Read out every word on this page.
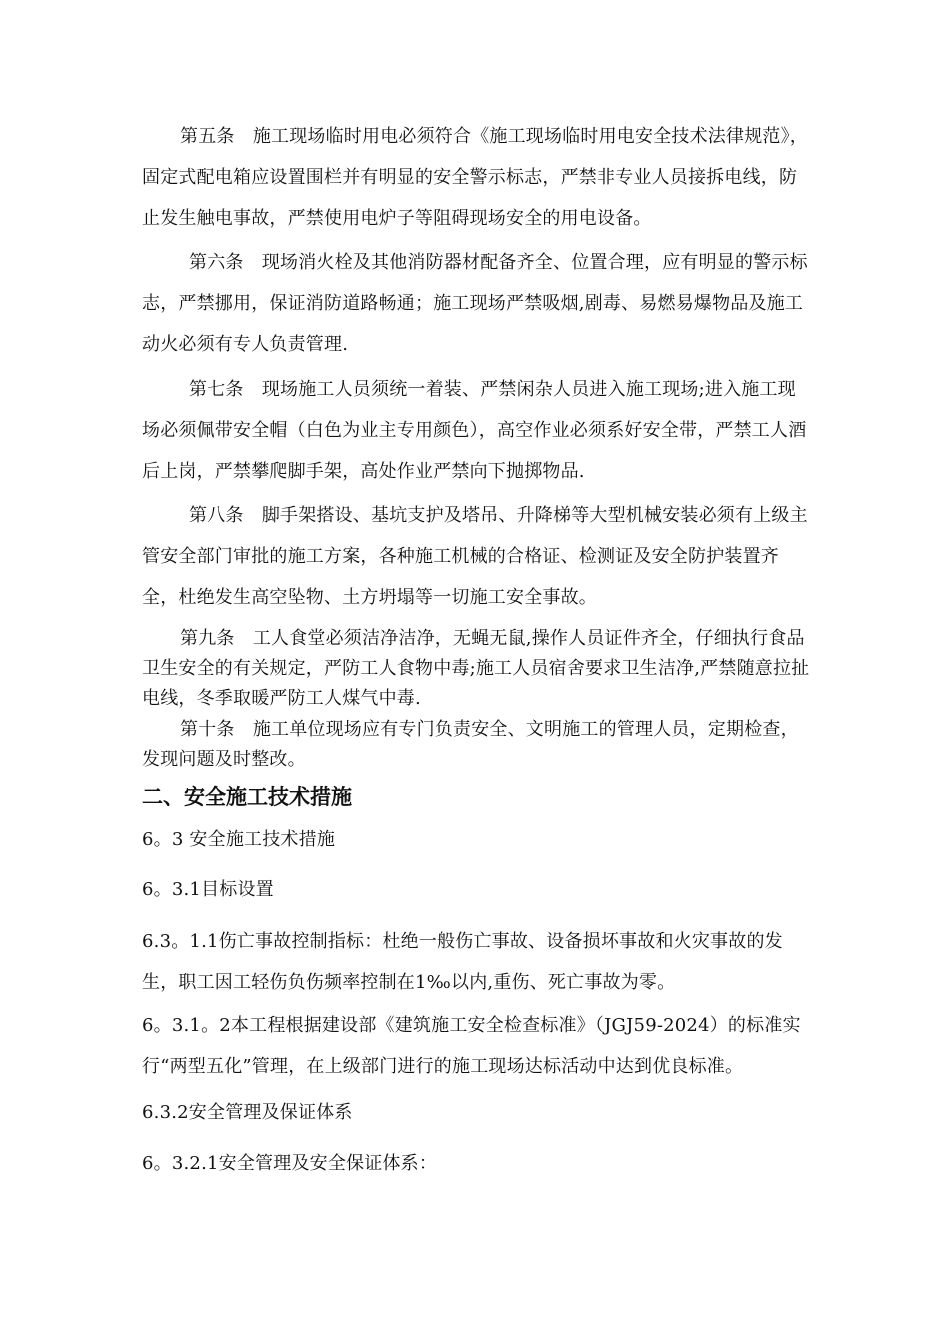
第五条　 施工现场临时用电必须符合《施工现场临时用电安全技术法律规范》，固定式配电箱应设置围栏并有明显的安全警示标志，严禁非专业人员接拆电线，防止发生触电事故，严禁使用电炉子等阻碍现场安全的用电设备。

第六条　 现场消火栓及其他消防器材配备齐全、位置合理，应有明显的警示标志，严禁挪用，保证消防道路畅通；施工现场严禁吸烟,剧毒、易燃易爆物品及施工动火必须有专人负责管理.

第七条　 现场施工人员须统一着装、严禁闲杂人员进入施工现场;进入施工现场必须佩带安全帽（白色为业主专用颜色），高空作业必须系好安全带，严禁工人酒后上岗，严禁攀爬脚手架，高处作业严禁向下抛掷物品.

第八条　 脚手架搭设、基坑支护及塔吊、升降梯等大型机械安装必须有上级主管安全部门审批的施工方案，各种施工机械的合格证、检测证及安全防护装置齐全，杜绝发生高空坠物、土方坍塌等一切施工安全事故。

第九条　 工人食堂必须洁净洁净，无蝇无鼠,操作人员证件齐全，仔细执行食品卫生安全的有关规定，严防工人食物中毒;施工人员宿舍要求卫生洁净,严禁随意拉扯电线，冬季取暖严防工人煤气中毒.

第十条　 施工单位现场应有专门负责安全、文明施工的管理人员，定期检查，发现问题及时整改。

二、安全施工技术措施

6。3 安全施工技术措施

6。3.1目标设置

6.3。1.1伤亡事故控制指标：杜绝一般伤亡事故、设备损坏事故和火灾事故的发生，职工因工轻伤负伤频率控制在1‰以内,重伤、死亡事故为零。

6。3.1。2本工程根据建设部《建筑施工安全检查标准》（JGJ59-2024）的标准实行“两型五化”管理，在上级部门进行的施工现场达标活动中达到优良标准。

6.3.2安全管理及保证体系

6。3.2.1安全管理及安全保证体系：
